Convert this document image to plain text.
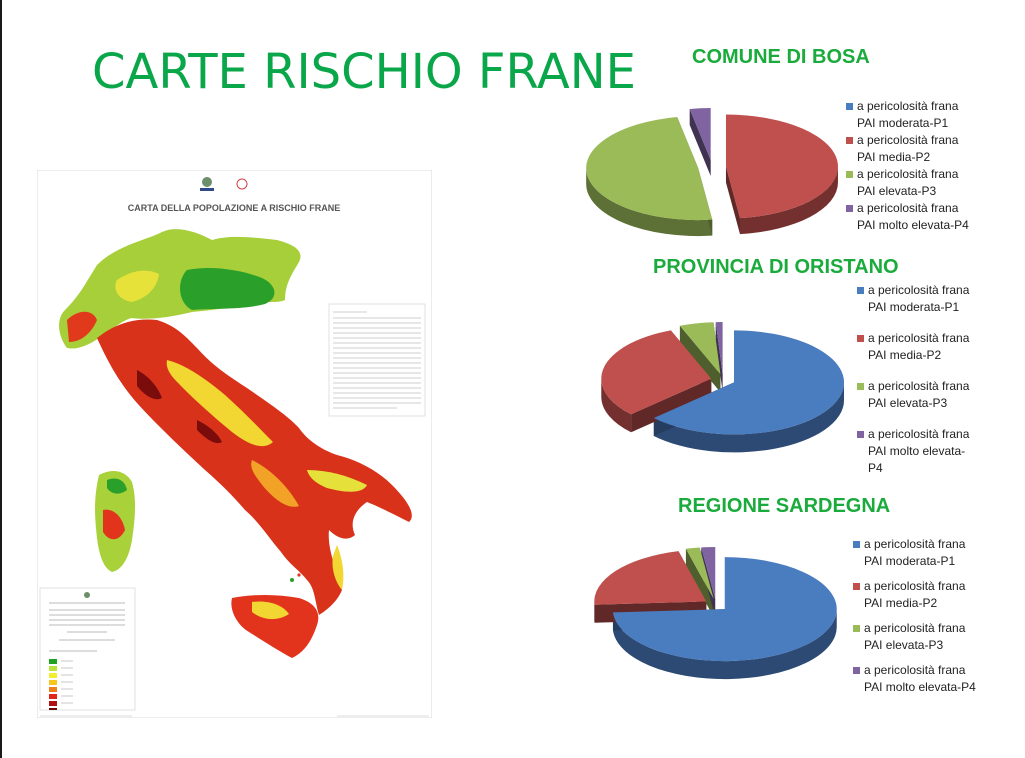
CARTE RISCHIO FRANE
CARTA DELLA POPOLAZIONE A RISCHIO FRANE
COMUNE DI BOSA
a pericolosità frana
PAI moderata-P1
a pericolosità frana
PAI media-P2
a pericolosità frana
PAI elevata-P3
a pericolosità frana
PAI molto elevata-P4
PROVINCIA DI ORISTANO
a pericolosità frana
PAI moderata-P1
a pericolosità frana
PAI media-P2
a pericolosità frana
PAI elevata-P3
a pericolosità frana
PAI molto elevata-
P4
REGIONE SARDEGNA
a pericolosità frana
PAI moderata-P1
a pericolosità frana
PAI media-P2
a pericolosità frana
PAI elevata-P3
a pericolosità frana
PAI molto elevata-P4
